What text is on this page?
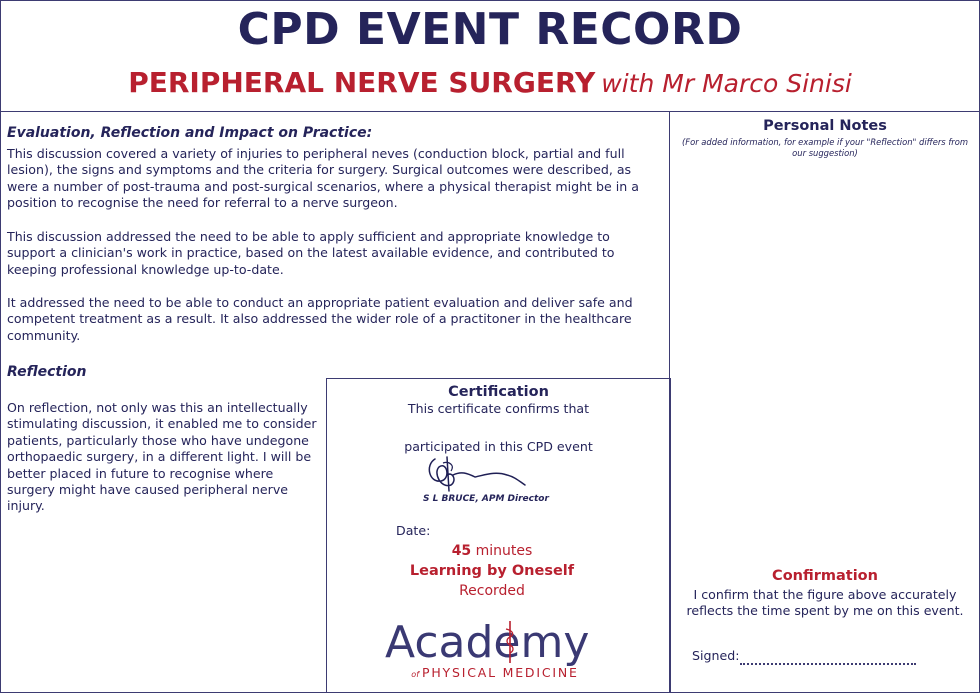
CPD EVENT RECORD
PERIPHERAL NERVE SURGERY with Mr Marco Sinisi
Evaluation, Reflection and Impact on Practice:
This discussion covered a variety of injuries to peripheral neves (conduction block, partial and full lesion), the signs and symptoms and the criteria for surgery. Surgical outcomes were described, as were a number of post-trauma and post-surgical scenarios, where a physical therapist might be in a position to recognise the need for referral to a nerve surgeon.
This discussion addressed the need to be able to apply sufficient and appropriate knowledge to support a clinician's work in practice, based on the latest available evidence, and contributed to keeping professional knowledge up-to-date.
It addressed the need to be able to conduct an appropriate patient evaluation and deliver safe and competent treatment as a result. It also addressed the wider role of a practitoner in the healthcare community.
Reflection
On reflection, not only was this an intellectually stimulating discussion, it enabled me to consider patients, particularly those who have undegone orthopaedic surgery, in a different light. I will be better placed in future to recognise where surgery might have caused peripheral nerve injury.
Certification
This certificate confirms that
participated in this CPD event
S L BRUCE, APM Director
Date:
45 minutes
Learning by Oneself
Recorded
Academy
of PHYSICAL MEDICINE
Personal Notes
(For added information, for example if your "Reflection" differs from our suggestion)
Confirmation
I confirm that the figure above accurately reflects the time spent by me on this event.
Signed:
